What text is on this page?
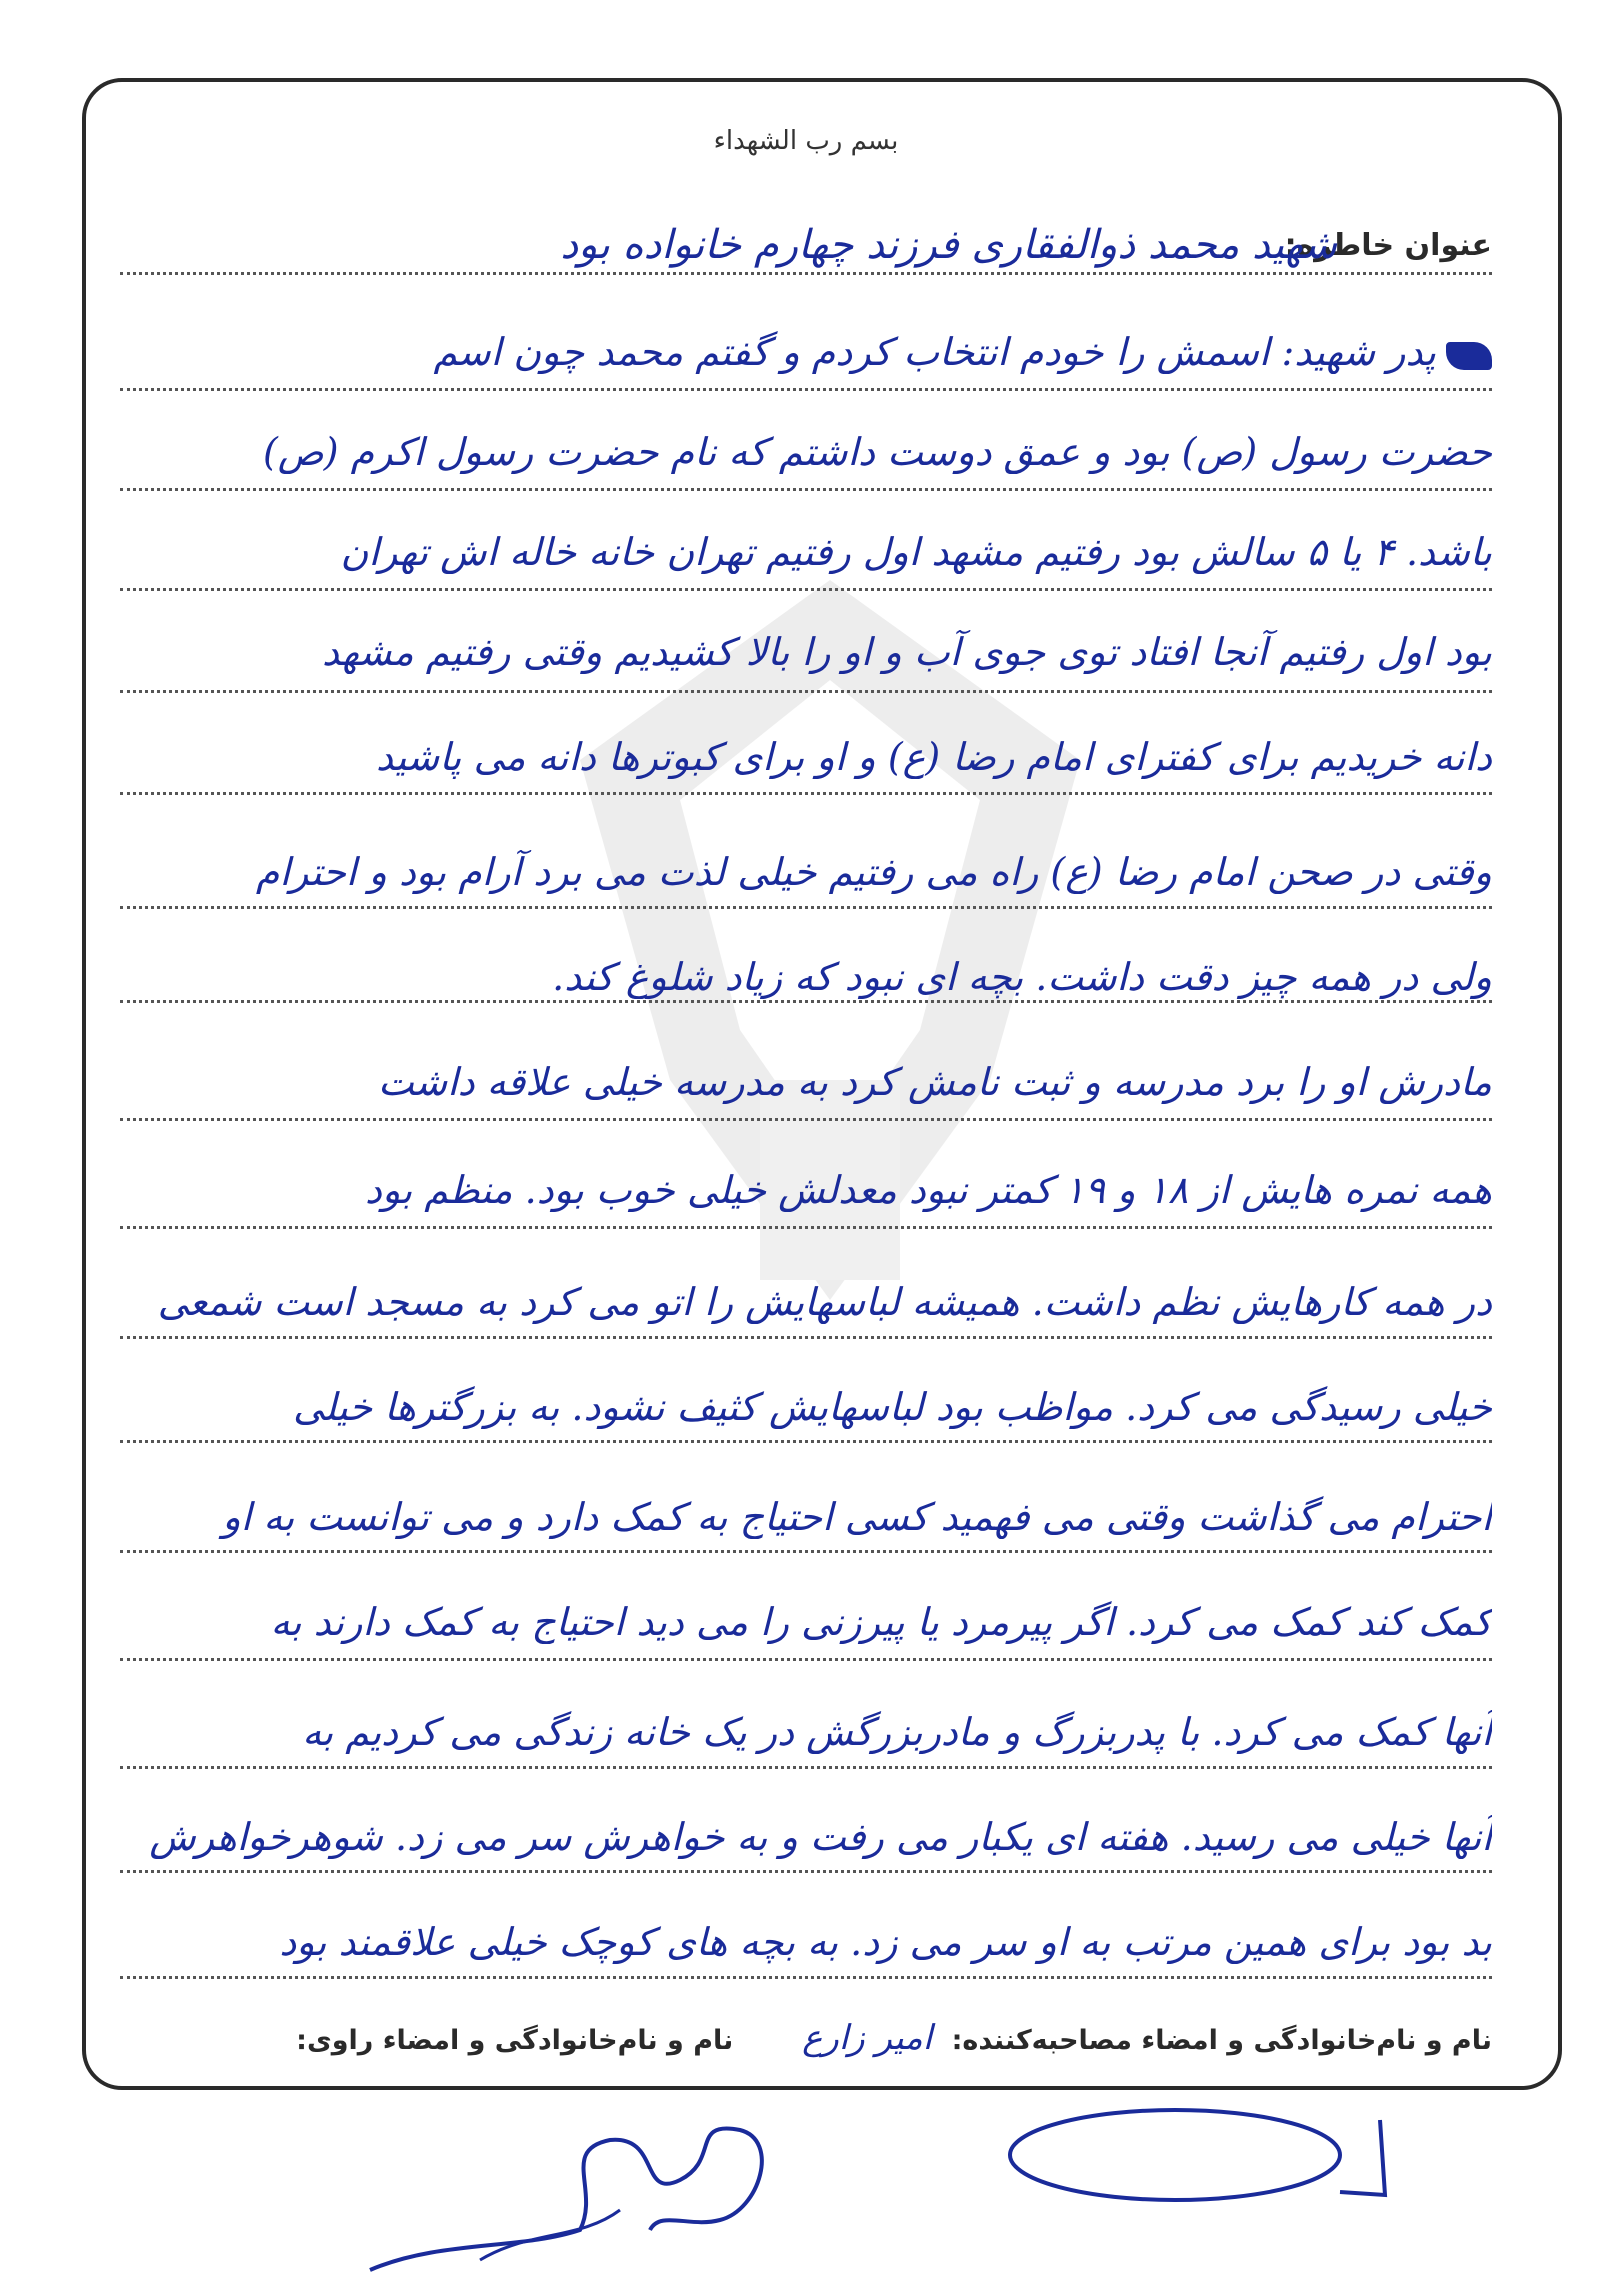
بسم رب الشهداء
عنوان خاطره:
شهید محمد ذوالفقاری فرزند چهارم خانواده بود
پدر شهید: اسمش را خودم انتخاب کردم و گفتم محمد چون اسم
حضرت رسول (ص) بود و عمق دوست داشتم که نام حضرت رسول اکرم (ص)
باشد. ۴ یا ۵ سالش بود رفتیم مشهد اول رفتیم تهران خانه خاله اش تهران
بود اول رفتیم آنجا افتاد توی جوی آب و او را بالا کشیدیم وقتی رفتیم مشهد
دانه خریدیم برای کفترای امام رضا (ع) و او برای کبوترها دانه می پاشید
وقتی در صحن امام رضا (ع) راه می رفتیم خیلی لذت می برد آرام بود و احترام
ولی در همه چیز دقت داشت. بچه ای نبود که زیاد شلوغ کند.
مادرش او را برد مدرسه و ثبت نامش کرد به مدرسه خیلی علاقه داشت
همه نمره هایش از ۱۸ و ۱۹ کمتر نبود معدلش خیلی خوب بود. منظم بود
در همه کارهایش نظم داشت. همیشه لباسهایش را اتو می کرد به مسجد است شمعی
خیلی رسیدگی می کرد. مواظب بود لباسهایش کثیف نشود. به بزرگترها خیلی
احترام می گذاشت وقتی می فهمید کسی احتیاج به کمک دارد و می توانست به او
کمک کند کمک می کرد. اگر پیرمرد یا پیرزنی را می دید احتیاج به کمک دارند به
آنها کمک می کرد. با پدربزرگ و مادربزرگش در یک خانه زندگی می کردیم به
آنها خیلی می رسید. هفته ای یکبار می رفت و به خواهرش سر می زد. شوهرخواهرش
بد بود برای همین مرتب به او سر می زد. به بچه های کوچک خیلی علاقمند بود
نام و نام‌خانوادگی و امضاء مصاحبه‌کننده: امیر زارع  نام و نام‌خانوادگی و امضاء راوی:
